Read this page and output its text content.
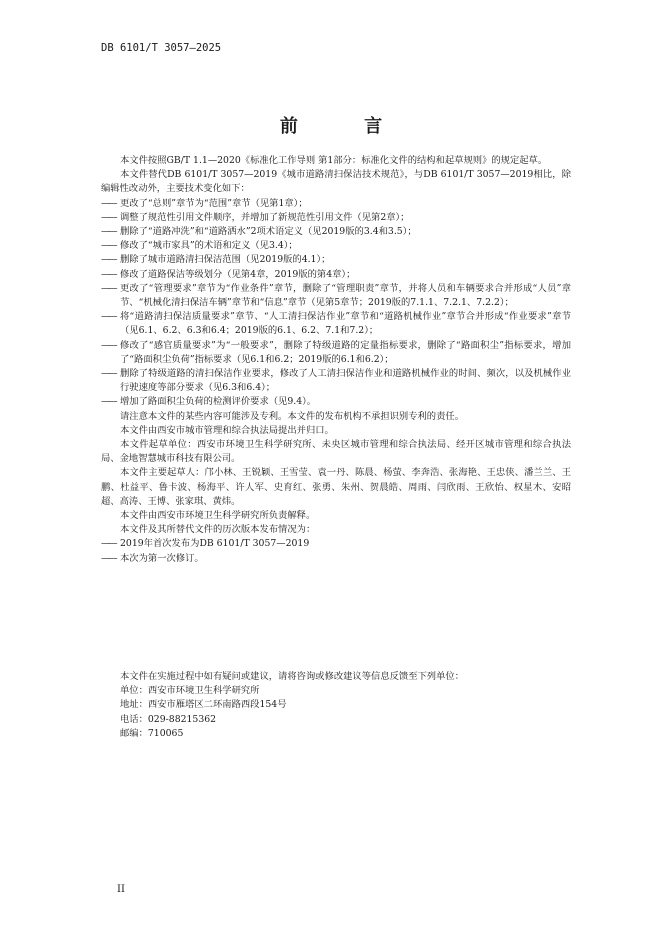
DB 6101/T 3057—2025
前 言

本文件按照GB/T 1.1—2020《标准化工作导则 第1部分：标准化文件的结构和起草规则》的规定起草。

本文件替代DB 6101/T 3057—2019《城市道路清扫保洁技术规范》，与DB 6101/T 3057—2019相比，除编辑性改动外，主要技术变化如下：

—— 更改了“总则”章节为“范围”章节（见第1章）；
—— 调整了规范性引用文件顺序，并增加了新规范性引用文件（见第2章）；
—— 删除了“道路冲洗”和“道路洒水”2项术语定义（见2019版的3.4和3.5）；
—— 修改了“城市家具”的术语和定义（见3.4）；
—— 删除了城市道路清扫保洁范围（见2019版的4.1）；
—— 修改了道路保洁等级划分（见第4章，2019版的第4章）；
—— 更改了“管理要求”章节为“作业条件”章节，删除了“管理职责”章节，并将人员和车辆要求合并形成“人员”章节、“机械化清扫保洁车辆”章节和“信息”章节（见第5章节；2019版的7.1.1、7.2.1、7.2.2）；
—— 将“道路清扫保洁质量要求”章节、“人工清扫保洁作业”章节和“道路机械作业”章节合并形成“作业要求”章节（见6.1、6.2、6.3和6.4；2019版的6.1、6.2、7.1和7.2）；
—— 修改了“感官质量要求”为“一般要求”，删除了特级道路的定量指标要求，删除了“路面积尘”指标要求，增加了“路面积尘负荷”指标要求（见6.1和6.2；2019版的6.1和6.2）；
—— 删除了特级道路的清扫保洁作业要求，修改了人工清扫保洁作业和道路机械作业的时间、频次，以及机械作业行驶速度等部分要求（见6.3和6.4）；
—— 增加了路面积尘负荷的检测评价要求（见9.4）。

请注意本文件的某些内容可能涉及专利。本文件的发布机构不承担识别专利的责任。

本文件由西安市城市管理和综合执法局提出并归口。

本文件起草单位：西安市环境卫生科学研究所、未央区城市管理和综合执法局、经开区城市管理和综合执法局、金地智慧城市科技有限公司。

本文件主要起草人：邝小林、王锐颖、王雪莹、袁一丹、陈晨、杨萤、李奔浩、张海艳、王忠侠、潘兰兰、王鹏、杜益平、鲁卡波、杨海平、许人军、史育红、张勇、朱州、贺晨皓、周雨、闫欣雨、王欣怡、权星木、安昭超、高涛、王博、张家琪、黄炜。

本文件由西安市环境卫生科学研究所负责解释。

本文件及其所替代文件的历次版本发布情况为：

—— 2019年首次发布为DB 6101/T 3057—2019
—— 本次为第一次修订。

本文件在实施过程中如有疑问或建议，请将咨询或修改建议等信息反馈至下列单位：

单位：西安市环境卫生科学研究所

地址：西安市雁塔区二环南路西段154号

电话：029-88215362

邮编：710065

II
